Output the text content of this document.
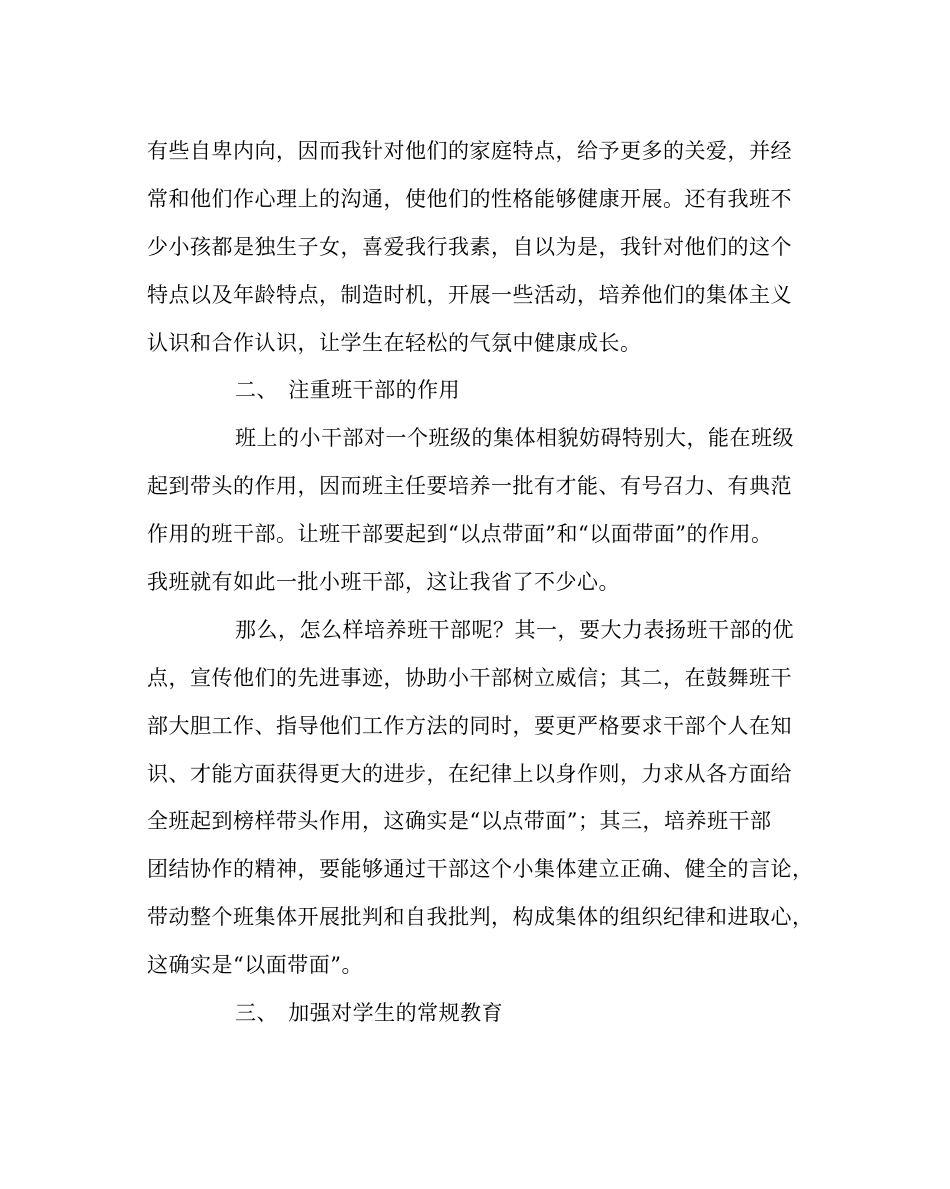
有些自卑内向，因而我针对他们的家庭特点，给予更多的关爱，并经
常和他们作心理上的沟通，使他们的性格能够健康开展。还有我班不
少小孩都是独生子女，喜爱我行我素，自以为是，我针对他们的这个
特点以及年龄特点，制造时机，开展一些活动，培养他们的集体主义
认识和合作认识，让学生在轻松的气氛中健康成长。
二、 注重班干部的作用
班上的小干部对一个班级的集体相貌妨碍特别大，能在班级
起到带头的作用，因而班主任要培养一批有才能、有号召力、有典范
作用的班干部。让班干部要起到“以点带面”和“以面带面”的作用。
我班就有如此一批小班干部，这让我省了不少心。
那么，怎么样培养班干部呢？其一，要大力表扬班干部的优
点，宣传他们的先进事迹，协助小干部树立威信；其二，在鼓舞班干
部大胆工作、指导他们工作方法的同时，要更严格要求干部个人在知
识、才能方面获得更大的进步，在纪律上以身作则，力求从各方面给
全班起到榜样带头作用，这确实是“以点带面”；其三，培养班干部
团结协作的精神，要能够通过干部这个小集体建立正确、健全的言论，
带动整个班集体开展批判和自我批判，构成集体的组织纪律和进取心，
这确实是“以面带面”。
三、 加强对学生的常规教育
